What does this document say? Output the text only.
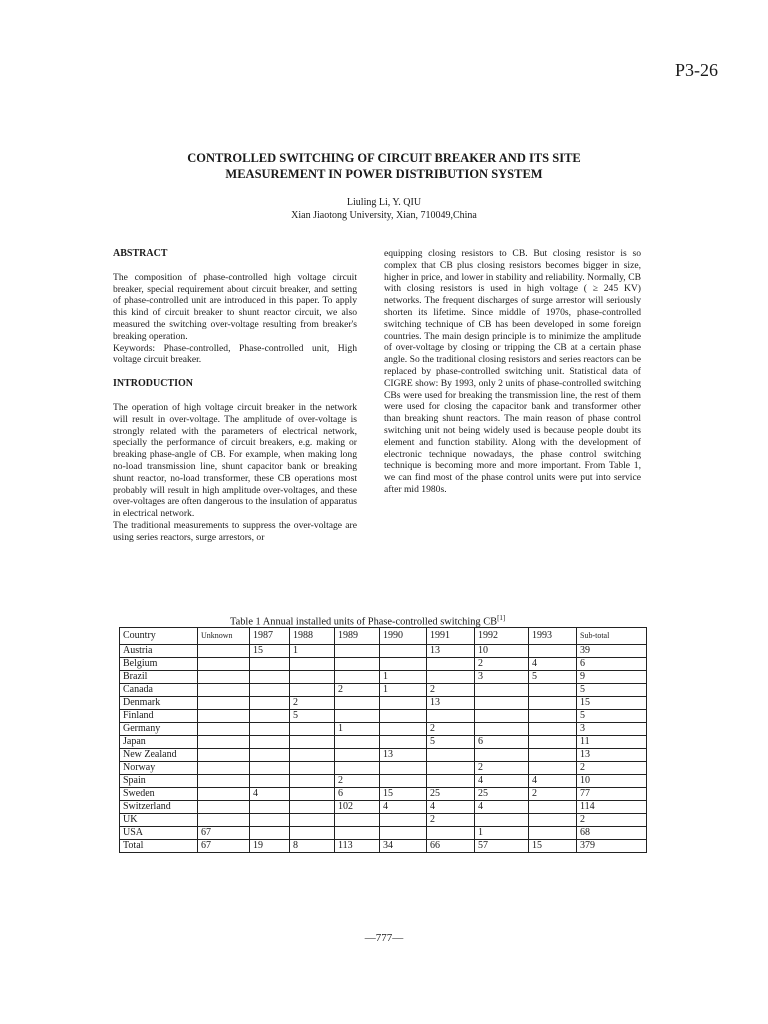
P3-26
CONTROLLED SWITCHING OF CIRCUIT BREAKER AND ITS SITE
MEASUREMENT IN POWER DISTRIBUTION SYSTEM
Liuling Li, Y. QIU
Xian Jiaotong University, Xian, 710049,China
ABSTRACT
The composition of phase-controlled high voltage circuit breaker, special requirement about circuit breaker, and setting of phase-controlled unit are introduced in this paper. To apply this kind of circuit breaker to shunt reactor circuit, we also measured the switching over-voltage resulting from breaker's breaking operation.
Keywords: Phase-controlled, Phase-controlled unit, High voltage circuit breaker.
INTRODUCTION
The operation of high voltage circuit breaker in the network will result in over-voltage. The amplitude of over-voltage is strongly related with the parameters of electrical network, specially the performance of circuit breakers, e.g. making or breaking phase-angle of CB. For example, when making long no-load transmission line, shunt capacitor bank or breaking shunt reactor, no-load transformer, these CB operations most probably will result in high amplitude over-voltages, and these over-voltages are often dangerous to the insulation of apparatus in electrical network.
The traditional measurements to suppress the over-voltage are using series reactors, surge arrestors, or
equipping closing resistors to CB. But closing resistor is so complex that CB plus closing resistors becomes bigger in size, higher in price, and lower in stability and reliability. Normally, CB with closing resistors is used in high voltage ( ≥ 245 KV) networks. The frequent discharges of surge arrestor will seriously shorten its lifetime. Since middle of 1970s, phase-controlled switching technique of CB has been developed in some foreign countries. The main design principle is to minimize the amplitude of over-voltage by closing or tripping the CB at a certain phase angle. So the traditional closing resistors and series reactors can be replaced by phase-controlled switching unit. Statistical data of CIGRE show: By 1993, only 2 units of phase-controlled switching CBs were used for breaking the transmission line, the rest of them were used for closing the capacitor bank and transformer other than breaking shunt reactors. The main reason of phase control switching unit not being widely used is because people doubt its element and function stability. Along with the development of electronic technique nowadays, the phase control switching technique is becoming more and more important. From Table 1, we can find most of the phase control units were put into service after mid 1980s.
Table 1 Annual installed units of Phase-controlled switching CB[1]
Country	Unknown	1987	1988	1989	1990	1991	1992	1993	Sub-total
Austria		15	1			13	10		39
Belgium							2	4	6
Brazil					1		3	5	9
Canada				2	1	2			5
Denmark			2			13			15
Finland			5						5
Germany				1		2			3
Japan						5	6		11
New Zealand					13				13
Norway							2		2
Spain				2			4	4	10
Sweden		4		6	15	25	25	2	77
Switzerland				102	4	4	4		114
UK						2			2
USA	67						1		68
Total	67	19	8	113	34	66	57	15	379
—777—
